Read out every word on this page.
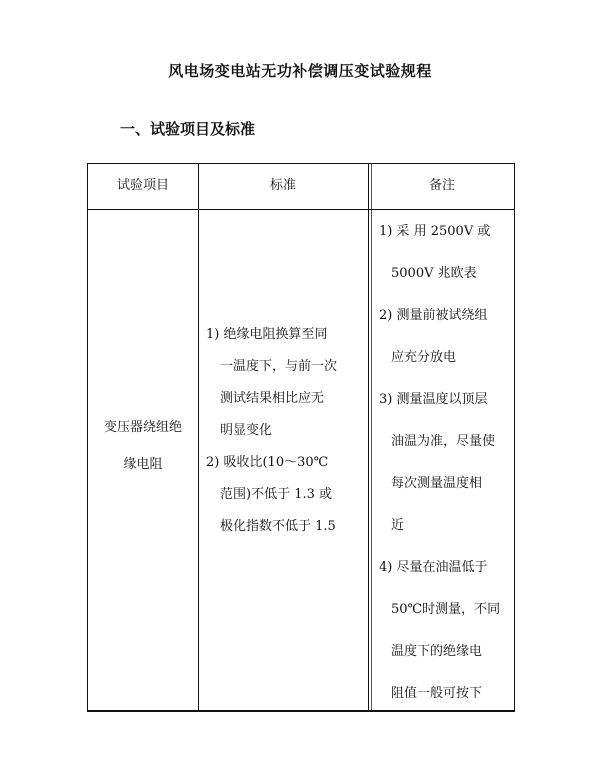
风电场变电站无功补偿调压变试验规程
一、试验项目及标准
试验项目	标准	备注

变压器绕组绝

缘电阻

1) 绝缘电阻换算至同

一温度下，与前一次

测试结果相比应无

明显变化

2) 吸收比(10～30℃

范围)不低于 1.3 或

极化指数不低于 1.5

1) 采 用 2500V 或

5000V 兆欧表

2) 测量前被试绕组

应充分放电

3) 测量温度以顶层

油温为准，尽量使

每次测量温度相

近

4) 尽量在油温低于

50℃时测量，不同

温度下的绝缘电

阻值一般可按下
